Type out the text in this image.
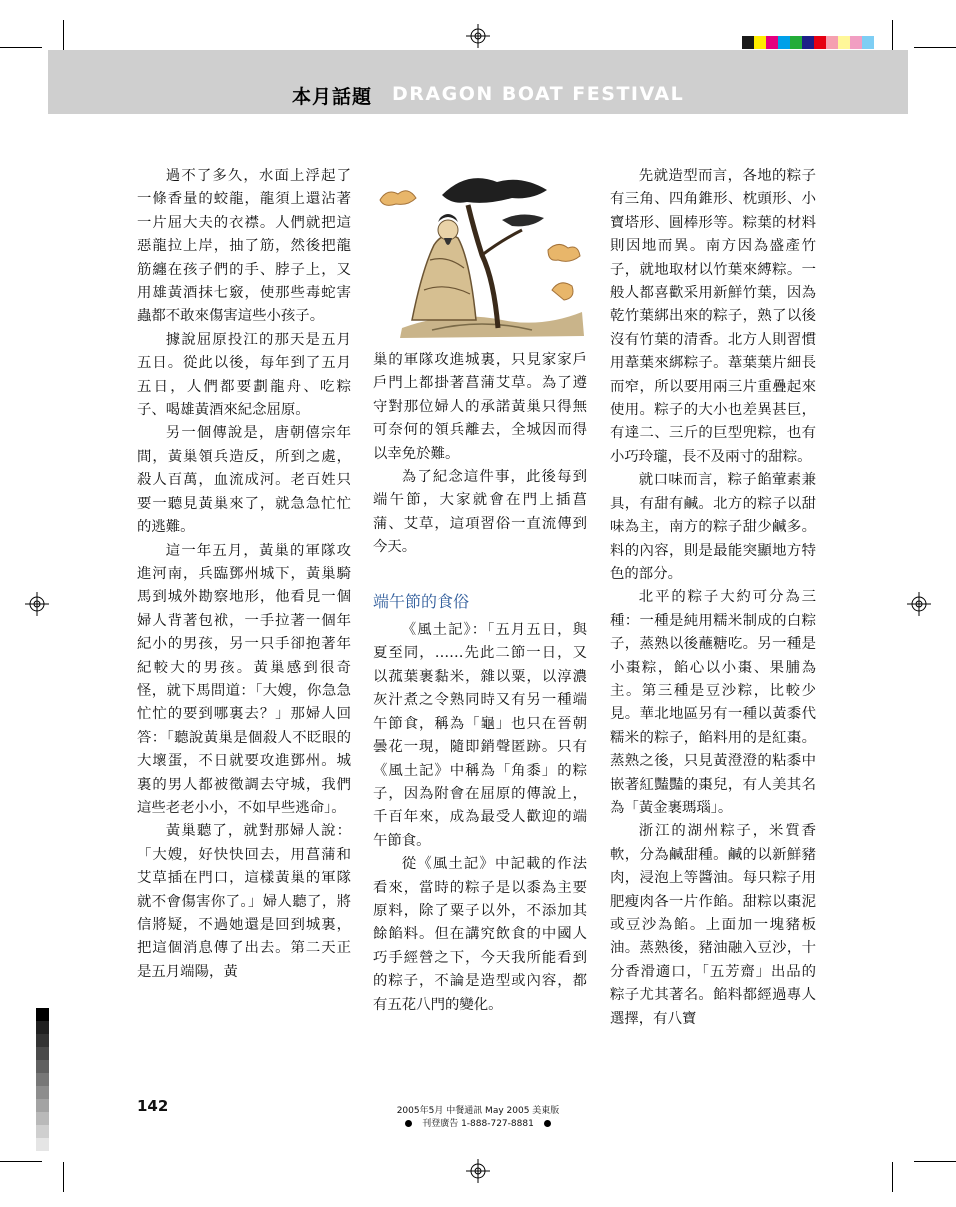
本月話題 DRAGON BOAT FESTIVAL

過不了多久，水面上浮起了一條香量的蛟龍，龍須上還沾著一片屈大夫的衣襟。人們就把這惡龍拉上岸，抽了筋，然後把龍筋纏在孩子們的手、脖子上，又用雄黃酒抹七竅，使那些毒蛇害蟲都不敢來傷害這些小孩子。

據說屈原投江的那天是五月五日。從此以後，每年到了五月五日，人們都要劃龍舟、吃粽子、喝雄黃酒來紀念屈原。

另一個傳說是，唐朝僖宗年間，黃巢領兵造反，所到之處，殺人百萬，血流成河。老百姓只要一聽見黃巢來了，就急急忙忙的逃難。

這一年五月，黃巢的軍隊攻進河南，兵臨鄧州城下，黃巢騎馬到城外勘察地形，他看見一個婦人背著包袱，一手拉著一個年紀小的男孩，另一只手卻抱著年紀較大的男孩。黃巢感到很奇怪，就下馬問道：「大嫂，你急急忙忙的要到哪裏去？」那婦人回答：「聽說黃巢是個殺人不眨眼的大壞蛋，不日就要攻進鄧州。城裏的男人都被徵調去守城，我們這些老老小小，不如早些逃命」。

黃巢聽了，就對那婦人說：「大嫂，好快快回去，用菖蒲和艾草插在門口，這樣黃巢的軍隊就不會傷害你了。」婦人聽了，將信將疑，不過她還是回到城裏，把這個消息傳了出去。第二天正是五月端陽，黃

巢的軍隊攻進城裏，只見家家戶戶門上都掛著菖蒲艾草。為了遵守對那位婦人的承諾黃巢只得無可奈何的領兵離去，全城因而得以幸免於難。

為了紀念這件事，此後每到端午節，大家就會在門上插菖蒲、艾草，這項習俗一直流傳到今天。

端午節的食俗

《風土記》：「五月五日，與夏至同，……先此二節一日，又以菰葉裹黏米，雜以粟，以淳濃灰汁煮之令熟同時又有另一種端午節食，稱為「龜」也只在晉朝曇花一現，隨即銷聲匿跡。只有《風土記》中稱為「角黍」的粽子，因為附會在屈原的傳說上，千百年來，成為最受人歡迎的端午節食。

從《風土記》中記載的作法看來，當時的粽子是以黍為主要原料，除了粟子以外，不添加其餘餡料。但在講究飲食的中國人巧手經營之下，今天我所能看到的粽子，不論是造型或內容，都有五花八門的變化。

先就造型而言，各地的粽子有三角、四角錐形、枕頭形、小寶塔形、圓棒形等。粽葉的材料則因地而異。南方因為盛產竹子，就地取材以竹葉來縛粽。一般人都喜歡采用新鮮竹葉，因為乾竹葉綁出來的粽子，熟了以後沒有竹葉的清香。北方人則習慣用葦葉來綁粽子。葦葉葉片細長而窄，所以要用兩三片重疊起來使用。粽子的大小也差異甚巨，有達二、三斤的巨型兜粽，也有小巧玲瓏，長不及兩寸的甜粽。

就口味而言，粽子餡葷素兼具，有甜有鹹。北方的粽子以甜味為主，南方的粽子甜少鹹多。料的內容，則是最能突顯地方特色的部分。

北平的粽子大約可分為三種：一種是純用糯米制成的白粽子，蒸熟以後蘸糖吃。另一種是小棗粽，餡心以小棗、果脯為主。第三種是豆沙粽，比較少見。華北地區另有一種以黃黍代糯米的粽子，餡料用的是紅棗。蒸熟之後，只見黃澄澄的粘黍中嵌著紅豔豔的棗兒，有人美其名為「黃金裹瑪瑙」。

浙江的湖州粽子，米質香軟，分為鹹甜種。鹹的以新鮮豬肉，浸泡上等醬油。每只粽子用肥瘦肉各一片作餡。甜粽以棗泥或豆沙為餡。上面加一塊豬板油。蒸熟後，豬油融入豆沙，十分香滑適口，「五芳齋」出品的粽子尤其著名。餡料都經過專人選擇，有八寶

142	2005年5月 中餐通訊 May 2005 美東版
刊登廣告 1-888-727-8881
